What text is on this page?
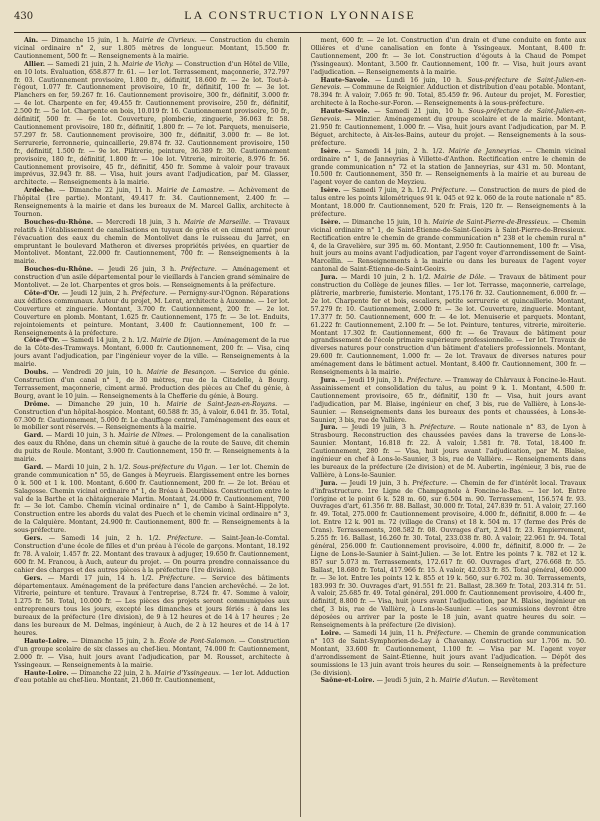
430	LA CONSTRUCTION LYONNAISE

Ain. — Dimanche 15 juin, 1 h. Mairie de Civrieux. — Construction du chemin vicinal ordinaire n° 2, sur 1.805 mètres de longueur. Montant, 15.500 fr. Cautionnement, 500 fr. — Renseignements à la mairie.

Allier. — Samedi 21 juin, 2 h. Mairie de Vichy. — Construction d'un Hôtel de Ville, en 10 lots. Évaluation, 658.877 fr. 61. — 1er lot. Terrassement, maçonnerie, 372.797 fr. 03. Cautionnement provisoire, 1.800 fr., définitif, 18.600 fr. — 2e lot. Tout-à-l'égout, 1.077 fr. Cautionnement provisoire, 10 fr., définitif, 100 fr. — 3e lot. Planchers en fer, 59.267 fr. 16. Cautionnement provisoire, 300 fr., définitif, 3.000 fr. — 4e lot. Charpente en fer, 49.455 fr. Cautionnement provisoire, 250 fr., définitif, 2.500 fr. — 5e lot. Charpente en bois, 10.019 fr. 16. Cautionnement provisoire, 50 fr., définitif, 500 fr. — 6e lot. Couverture, plomberie, zinguerie, 36.063 fr. 58. Cautionnement provisoire, 180 fr., définitif, 1.800 fr. — 7e lot. Parquets, menuiserie, 57.297 fr. 58. Cautionnement provisoire, 300 fr., définitif, 3.000 fr. — 8e lot. Serrurerie, ferronnerie, quincaillerie, 29.874 fr. 32. Cautionnement provisoire, 150 fr., définitif, 1.500 fr. — 9e lot. Plâtrerie, peinture, 36.389 fr. 30. Cautionnement provisoire, 180 fr., définitif, 1.800 fr. — 10e lot. Vitrerie, miroiterie, 8.976 fr. 56. Cautionnement provisoire, 45 fr., définitif, 450 fr. Somme à valoir pour travaux imprévus, 32.943 fr. 88. — Visa, huit jours avant l'adjudication, par M. Glasser, architecte. — Renseignements à la mairie.

Ardèche. — Dimanche 22 juin, 11 h. Mairie de Lamastre. — Achèvement de l'hôpital (1re partie). Montant, 49.417 fr. 34. Cautionnement, 2.400 fr. — Renseignements à la mairie et dans les bureaux de M. Marcel Gallix, architecte à Tournon.

Bouches-du-Rhône. — Mercredi 18 juin, 3 h. Mairie de Marseille. — Travaux relatifs à l'établissement de canalisations en tuyaux de grès et en ciment armé pour l'évacuation des eaux du chemin de Montolivet dans le ruisseau du Jarret, en empruntant le boulevard Matheron et diverses propriétés privées, en quartier de Montolivet. Montant, 22.000 fr. Cautionnement, 700 fr. — Renseignements à la mairie.

Bouches-du-Rhône. — Jeudi 26 juin, 3 h. Préfecture. — Aménagement et construction d'un asile départemental pour le vieillards à l'ancien grand séminaire de Montolivet. — 2e lot. Charpentes et gros bois. — Renseignements à la préfecture.

Côte-d'Or. — Jeudi 12 juin, 2 h. Préfecture. — Pernigny-sur-l'Ognon. Réparations aux édifices communaux. Auteur du projet, M. Lerat, architecte à Auxonne. — 1er lot. Couverture et zinguerie. Montant, 3.700 fr. Cautionnement, 200 fr. — 2e lot. Couverture en plomb. Montant, 1.625 fr. Cautionnement, 175 fr. — 3e lot. Enduits, rejointoiements et peinture. Montant, 3.400 fr. Cautionnement, 100 fr. — Renseignements à la préfecture.

Côte-d'Or. — Samedi 14 juin, 2 h. 1/2. Mairie de Dijon. — Aménagement de la rue de la Côte-des-Tramways. Montant, 6.000 fr. Cautionnement, 200 fr. — Visa, cinq jours avant l'adjudication, par l'ingénieur voyer de la ville. — Renseignements à la mairie.

Doubs. — Vendredi 20 juin, 10 h. Mairie de Besançon. — Service du génie. Construction d'un canal n° 1, de 30 mètres, rue de la Citadelle, à Bourg. Terrassement, maçonnerie, ciment armé. Production des pièces au Chef du génie, à Bourg, avant le 10 juin. — Renseignements à la Chefferie du génie, à Bourg.

Drôme. — Dimanche 29 juin, 10 h. Mairie de Saint-Jean-en-Royans. — Construction d'un hôpital-hospice. Montant, 60.588 fr. 35, à valoir, 6.041 fr. 35. Total, 67.300 fr. Cautionnement, 5.000 fr. Le chauffage central, l'aménagement des eaux et le mobilier sont réservés. — Renseignements à la mairie.

Gard. — Mardi 10 juin, 3 h. Mairie de Nîmes. — Prolongement de la canalisation des eaux du Rhône, dans un chemin situé à gauche de la route de Sauve, dit chemin du puits de Roule. Montant, 3.900 fr. Cautionnement, 150 fr. — Renseignements à la mairie.

Gard. — Mardi 10 juin, 2 h. 1/2. Sous-préfecture du Vigan. — 1er lot. Chemin de grande communication n° 55, de Ganges à Meyrueis. Élargissement entre les bornes 0 k. 500 et 1 k. 100. Montant, 6.600 fr. Cautionnement, 200 fr. — 2e lot. Bréau et Salagosse. Chemin vicinal ordinaire n° 1, de Bréau à Douribias. Construction entre le val de la Barthe et la châtaigneraie Martin. Montant, 24.000 fr. Cautionnement, 700 fr. — 3e lot. Cambo. Chemin vicinal ordinaire n° 1, de Cambo à Saint-Hippolyte. Construction entre les abords du valat des Puech et le chemin vicinal ordinaire n° 3, de la Calquière. Montant, 24.900 fr. Cautionnement, 800 fr. — Renseignements à la sous-préfecture.

Gers. — Samedi 14 juin, 2 h. 1/2. Préfecture. — Saint-Jean-le-Comtal. Construction d'une école de filles et d'un préau à l'école de garçons. Montant, 18.192 fr. 78. À valoir, 1.457 fr. 22. Montant des travaux à adjuger, 19.650 fr. Cautionnement, 600 fr. M. Francou, à Auch, auteur du projet. — On pourra prendre connaissance du cahier des charges et des autres pièces à la préfecture (1re division).

Gers. — Mardi 17 juin, 14 h. 1/2. Préfecture. — Service des bâtiments départementaux. Aménagement de la préfecture dans l'ancien archevêché. — 2e lot. Vitrerie, peinture et tenture. Travaux à l'entreprise, 8.724 fr. 47. Somme à valoir, 1.275 fr. 58. Total, 10.000 fr. — Les pièces des projets seront communiquées aux entrepreneurs tous les jours, excepté les dimanches et jours fériés : à dans les bureaux de la préfecture (1re division), de 9 à 12 heures et de 14 à 17 heures ; 2e dans les bureaux de M. Delmas, ingénieur, à Auch, de 2 à 12 heures et de 14 à 17 heures.

Haute-Loire. — Dimanche 15 juin, 2 h. École de Pont-Salomon. — Construction d'un groupe scolaire de six classes au chef-lieu. Montant, 74.000 fr. Cautionnement, 2.000 fr. — Visa, huit jours avant l'adjudication, par M. Rousset, architecte à Yssingeaux. — Renseignements à la mairie.

Haute-Loire. — Dimanche 22 juin, 2 h. Mairie d'Yssingeaux. — 1er lot. Adduction d'eau potable au chef-lieu. Montant, 21.060 fr. Cautionnement,

ment, 600 fr. — 2e lot. Construction d'un drain et d'une conduite en fonte aux Olliéres et d'une canalisation en fonte à Yssingeaux. Montant, 8.400 fr. Cautionnement, 200 fr. — 3e lot. Construction d'égouts à la Chaud de Pompet (Yssingeaux). Montant, 3.500 fr. Cautionnement, 100 fr. — Visa, huit jours avant l'adjudication. — Renseignements à la mairie.

Haute-Savoie. — Lundi 16 juin, 10 h. Sous-préfecture de Saint-Julien-en-Genevois. — Commune de Reignier. Adduction et distribution d'eau potable. Montant, 78.394 fr. À valoir, 7.065 fr. 90. Total, 85.459 fr. 96. Auteur du projet, M. Forestier, architecte à la Roche-sur-Foron. — Renseignements à la sous-préfecture.

Haute-Savoie. — Samedi 21 juin, 10 h. Sous-préfecture de Saint-Julien-en-Genevois. — Minzier. Aménagement du groupe scolaire et de la mairie. Montant, 21.950 fr. Cautionnement, 1.000 fr. — Visa, huit jours avant l'adjudication, par M. P. Béguet, architecte, à Aix-les-Bains, auteur du projet. — Renseignements à la sous-préfecture.

Isère. — Samedi 14 juin, 2 h. 1/2. Mairie de Janneyrias. — Chemin vicinal ordinaire n° 1, de Janneyrias à Villette-d'Anthon. Rectification entre le chemin de grande communication n° 72 et la station de Janneyrias, sur 431 m. 50. Montant, 10.500 fr. Cautionnement, 350 fr. — Renseignements à la mairie et au bureau de l'agent voyer de canton de Meyzieu.

Isère. — Samedi 7 juin, 2 h. 1/2. Préfecture. — Construction de murs de pied de talus entre les points kilométriques 91 k. 045 et 92 k. 060 de la route nationale n° 85. Montant, 18.000 fr. Cautionnement, 520 fr. Frais, 120 fr. — Renseignements à la préfecture.

Isère. — Dimanche 15 juin, 10 h. Mairie de Saint-Pierre-de-Bressieux. — Chemin vicinal ordinaire n° 1, de Saint-Étienne-de-Saint-Geoirs à Saint-Pierre-de-Bressieux. Rectification entre le chemin de grande communication n° 238 et le chemin rural n° 4, de la Gravelière, sur 395 m. 60. Montant, 2.950 fr. Cautionnement, 100 fr. — Visa, huit jours au moins avant l'adjudication, par l'agent voyer d'arrondissement de Saint-Marcellin. — Renseignements à la mairie ou dans les bureaux de l'agent voyer cantonal de Saint-Étienne-de-Saint-Geoirs.

Jura. — Mardi 10 juin, 2 h. 1/2. Mairie de Dôle. — Travaux de bâtiment pour construction du Collège de jeunes filles. — 1er lot. Terrasse, maçonnerie, carrelage, plâtrerie, marbrerie, fumisterie. Montant, 175.176 fr. 32. Cautionnement, 6.000 fr. — 2e lot. Charpente fer et bois, escaliers, petite serrurerie et quincaillerie. Montant, 57.279 fr. 10. Cautionnement, 2.000 fr. — 3e lot. Couverture, zinguerie. Montant, 17.377 fr. 50. Cautionnement, 600 fr. — 4e lot. Menuiserie et parquets. Montant, 61.222 fr. Cautionnement, 2.100 fr. — 5e lot. Peinture, tentures, vitrerie, miroiterie. Montant 17.302 fr. Cautionnement, 600 fr. — 6e Travaux de bâtiment pour agrandissement de l'école primaire supérieure professionnelle. — 1er lot. Travaux de diverses natures pour construction d'un bâtiment d'ateliers professionnels. Montant, 29.600 fr. Cautionnement, 1.000 fr. — 2e lot. Travaux de diverses natures pour aménagement dans le bâtiment actuel. Montant, 8.400 fr. Cautionnement, 300 fr. — Renseignements à la mairie.

Jura. — Jeudi 19 juin, 3 h. Préfecture. — Tramway de Chârvaux à Foncine-le-Haut. Assainissement et consolidation du talus, au point 9 k. 1. Montant, 4.500 fr. Cautionnement provisoire, 65 fr., définitif, 130 fr. — Visa, huit jours avant l'adjudication, par M. Blaise, ingénieur en chef, 3 bis, rue de Vallière, à Lons-le-Saunier. — Renseignements dans les bureaux des ponts et chaussées, à Lons-le-Saunier, 3 bis, rue de Vallière.

Jura. — Jeudi 19 juin, 3 h. Préfecture. — Route nationale n° 83, de Lyon à Strasbourg. Reconstruction des chaussées pavées dans la traverse de Lons-le-Saunier. Montant, 16.818 fr. 22. À valoir, 1.581 fr. 78. Total, 18.400 fr. Cautionnement, 280 fr. — Visa, huit jours avant l'adjudication, par M. Blaise, ingénieur en chef à Lons-le-Saunier, 3 bis, rue de Vallière. — Renseignements dans les bureaux de la préfecture (2e division) et de M. Aubertin, ingénieur, 3 bis, rue de Vallière, à Lons-le-Saunier.

Jura. — Jeudi 19 juin, 3 h. Préfecture. — Chemin de fer d'intérêt local. Travaux d'infrastructure. 1re Ligne de Champagnole à Foncine-le-Bas. — 1er lot. Entre l'origine et le point 6 k. 528 m. 60, sur 6.504 m. 90. Terrassement, 156.574 fr. 93. Ouvrages d'art, 61.356 fr. 88. Ballast, 30.000 fr. Total, 247.839 fr. 51. À valoir, 27.160 fr. 49. Total, 275.000 fr. Cautionnement provisoire, 4.000 fr., définitif, 8.000 fr. — 4e lot. Entre 12 k. 901 m. 72 (village de Crans) et 18 k. 504 m. 17 (ferme des Prés de Crans). Terrassements, 208.582 fr. 08. Ouvrages d'art, 2.941 fr. 23. Empierrement, 5.255 fr. 16. Ballast, 16.260 fr. 30. Total, 233.038 fr. 80. À valoir, 22.961 fr. 94. Total général, 256.000 fr. Cautionnement provisoire, 4.000 fr., définitif, 8.000 fr. — 2e Ligne de Lons-le-Saunier à Saint-Julien. — 3e lot. Entre les points 7 k. 782 et 12 k. 857 sur 5.073 m. Terrassements, 172.617 fr. 60. Ouvrages d'art, 276.668 fr. 55. Ballast, 18.680 fr. Total, 417.966 fr. 15. À valoir, 42.033 fr. 85. Total général, 460.000 fr. — 3e lot. Entre les points 12 k. 855 et 19 k. 560, sur 6.702 m. 30. Terrassements, 183.993 fr. 30. Ouvrages d'art, 91.551 fr. 21. Ballast, 28.369 fr. Total, 203.314 fr. 51. À valoir, 25.685 fr. 49. Total général, 291.000 fr. Cautionnement provisoire, 4.400 fr., définitif, 8.800 fr. — Visa, huit jours avant l'adjudication, par M. Blaise, ingénieur en chef, 3 bis, rue de Vallière, à Lons-le-Saunier. — Les soumissions devront être déposées ou arriver par la poste le 18 juin, avant quatre heures du soir. — Renseignements à la préfecture (2e division).

Loire. — Samedi 14 juin, 11 h. Préfecture. — Chemin de grande communication n° 103 de Saint-Symphorien-de-Lay à Chavanay. Construction sur 1.706 m. 50. Montant, 33.600 fr. Cautionnement, 1.100 fr. — Visa par M. l'agent voyer d'arrondissement de Saint-Étienne, huit jours avant l'adjudication. — Dépôt des soumissions le 13 juin avant trois heures du soir. — Renseignements à la préfecture (3e division).

Saône-et-Loire. — Jeudi 5 juin, 2 h. Mairie d'Autun. — Revêtement
